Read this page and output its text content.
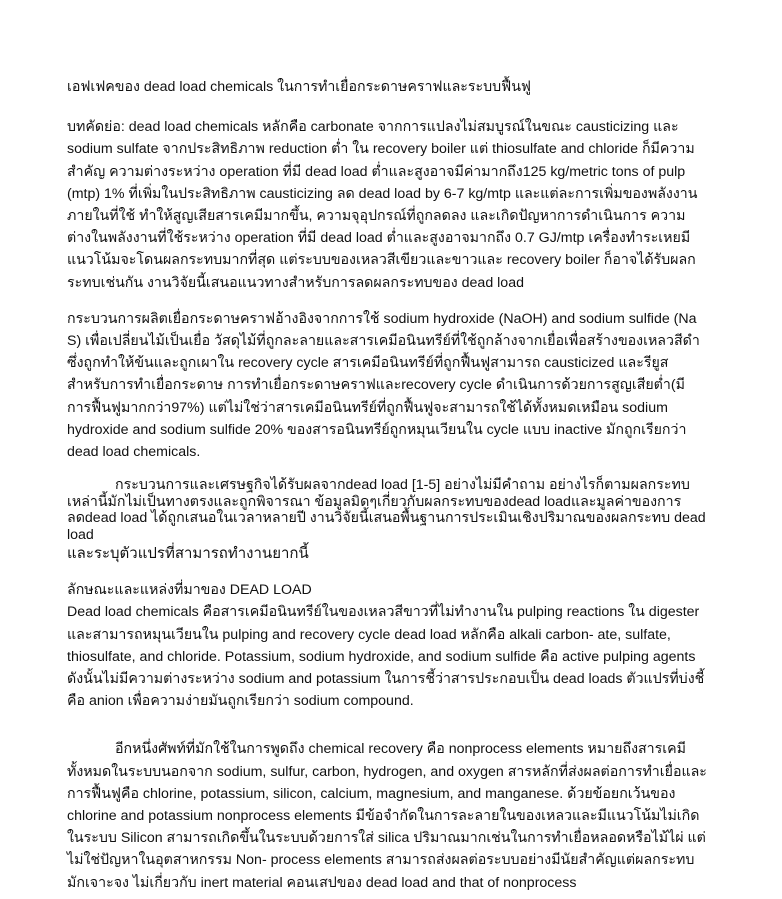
เอฟเฟคของ dead load chemicals ในการทำเยื่อกระดาษคราฟและระบบฟื้นฟู

บทคัดย่อ: dead load chemicals หลักคือ carbonate จากการแปลงไม่สมบูรณ์ในขณะ causticizing และ sodium sulfate จากประสิทธิภาพ reduction ต่ำ ใน recovery boiler แต่ thiosulfate and chloride ก็มีความสำคัญ ความต่างระหว่าง operation ที่มี dead load ต่ำและสูงอาจมีค่ามากถึง125 kg/metric tons of pulp (mtp) 1% ที่เพิ่มในประสิทธิภาพ causticizing ลด dead load by 6-7 kg/mtp และแต่ละการเพิ่มของพลังงานภายในที่ใช้ ทำให้สูญเสียสารเคมีมากขึ้น, ความจุอุปกรณ์ที่ถูกลดลง และเกิดปัญหาการดำเนินการ ความต่างในพลังงานที่ใช้ระหว่าง operation ที่มี dead load ต่ำและสูงอาจมากถึง 0.7 GJ/mtp เครื่องทำระเหยมีแนวโน้มจะโดนผลกระทบมากที่สุด แต่ระบบของเหลวสีเขียวและขาวและ recovery boiler ก็อาจได้รับผลกระทบเช่นกัน งานวิจัยนี้เสนอแนวทางสำหรับการลดผลกระทบของ dead load

กระบวนการผลิตเยื่อกระดาษคราฟอ้างอิงจากการใช้ sodium hydroxide (NaOH) and sodium sulfide (Na S) เพื่อเปลี่ยนไม้เป็นเยื่อ วัสดุไม้ที่ถูกละลายและสารเคมีอนินทรีย์ที่ใช้ถูกล้างจากเยื่อเพื่อสร้างของเหลวสีดำ ซึ่งถูกทำให้ข้นและถูกเผาใน recovery cycle สารเคมีอนินทรีย์ที่ถูกฟื้นฟูสามารถ causticized และรียูสสำหรับการทำเยื่อกระดาษ การทำเยื่อกระดาษคราฟและrecovery cycle ดำเนินการด้วยการสูญเสียต่ำ(มีการฟื้นฟูมากกว่า97%) แต่ไม่ใช่ว่าสารเคมีอนินทรีย์ที่ถูกฟื้นฟูจะสามารถใช้ได้ทั้งหมดเหมือน sodium hydroxide and sodium sulfide 20% ของสารอนินทรีย์ถูกหมุนเวียนใน cycle แบบ inactive มักถูกเรียกว่า dead load chemicals.

กระบวนการและเศรษฐกิจได้รับผลจากdead load [1-5] อย่างไม่มีคำถาม อย่างไรก็ตามผลกระทบเหล่านี้มักไม่เป็นทางตรงและถูกพิจารณา ข้อมูลมิดๆเกี่ยวกับผลกระทบของdead loadและมูลค่าของการลดdead load ได้ถูกเสนอในเวลาหลายปี งานวิจัยนี้เสนอพื้นฐานการประเมินเชิงปริมาณของผลกระทบ dead load

และระบุตัวแปรที่สามารถทำงานยากนี้

ลักษณะและแหล่งที่มาของ DEAD LOAD

Dead load chemicals คือสารเคมีอนินทรีย์ในของเหลวสีขาวที่ไม่ทำงานใน pulping reactions ใน digester และสามารถหมุนเวียนใน pulping and recovery cycle dead load หลักคือ alkali carbon- ate, sulfate, thiosulfate, and chloride. Potassium, sodium hydroxide, and sodium sulfide คือ active pulping agents ดังนั้นไม่มีความต่างระหว่าง sodium and potassium ในการชี้ว่าสารประกอบเป็น dead loads ตัวแปรที่บ่งชี้คือ anion เพื่อความง่ายมันถูกเรียกว่า sodium compound.

อีกหนึ่งศัพท์ที่มักใช้ในการพูดถึง chemical recovery คือ nonprocess elements หมายถึงสารเคมีทั้งหมดในระบบนอกจาก sodium, sulfur, carbon, hydrogen, and oxygen สารหลักที่ส่งผลต่อการทำเยื่อและการฟื้นฟูคือ chlorine, potassium, silicon, calcium, magnesium, and manganese. ด้วยข้อยกเว้นของ chlorine and potassium nonprocess elements มีข้อจำกัดในการละลายในของเหลวและมีแนวโน้มไม่เกิดในระบบ Silicon สามารถเกิดขึ้นในระบบด้วยการใส่ silica ปริมาณมากเช่นในการทำเยื่อหลอดหรือไม้ไผ่ แต่ไม่ใช่ปัญหาในอุตสาหกรรม Non- process elements สามารถส่งผลต่อระบบอย่างมีนัยสำคัญแต่ผลกระทบมักเจาะจง ไม่เกี่ยวกับ inert material คอนเสปของ dead load and that of nonprocess
